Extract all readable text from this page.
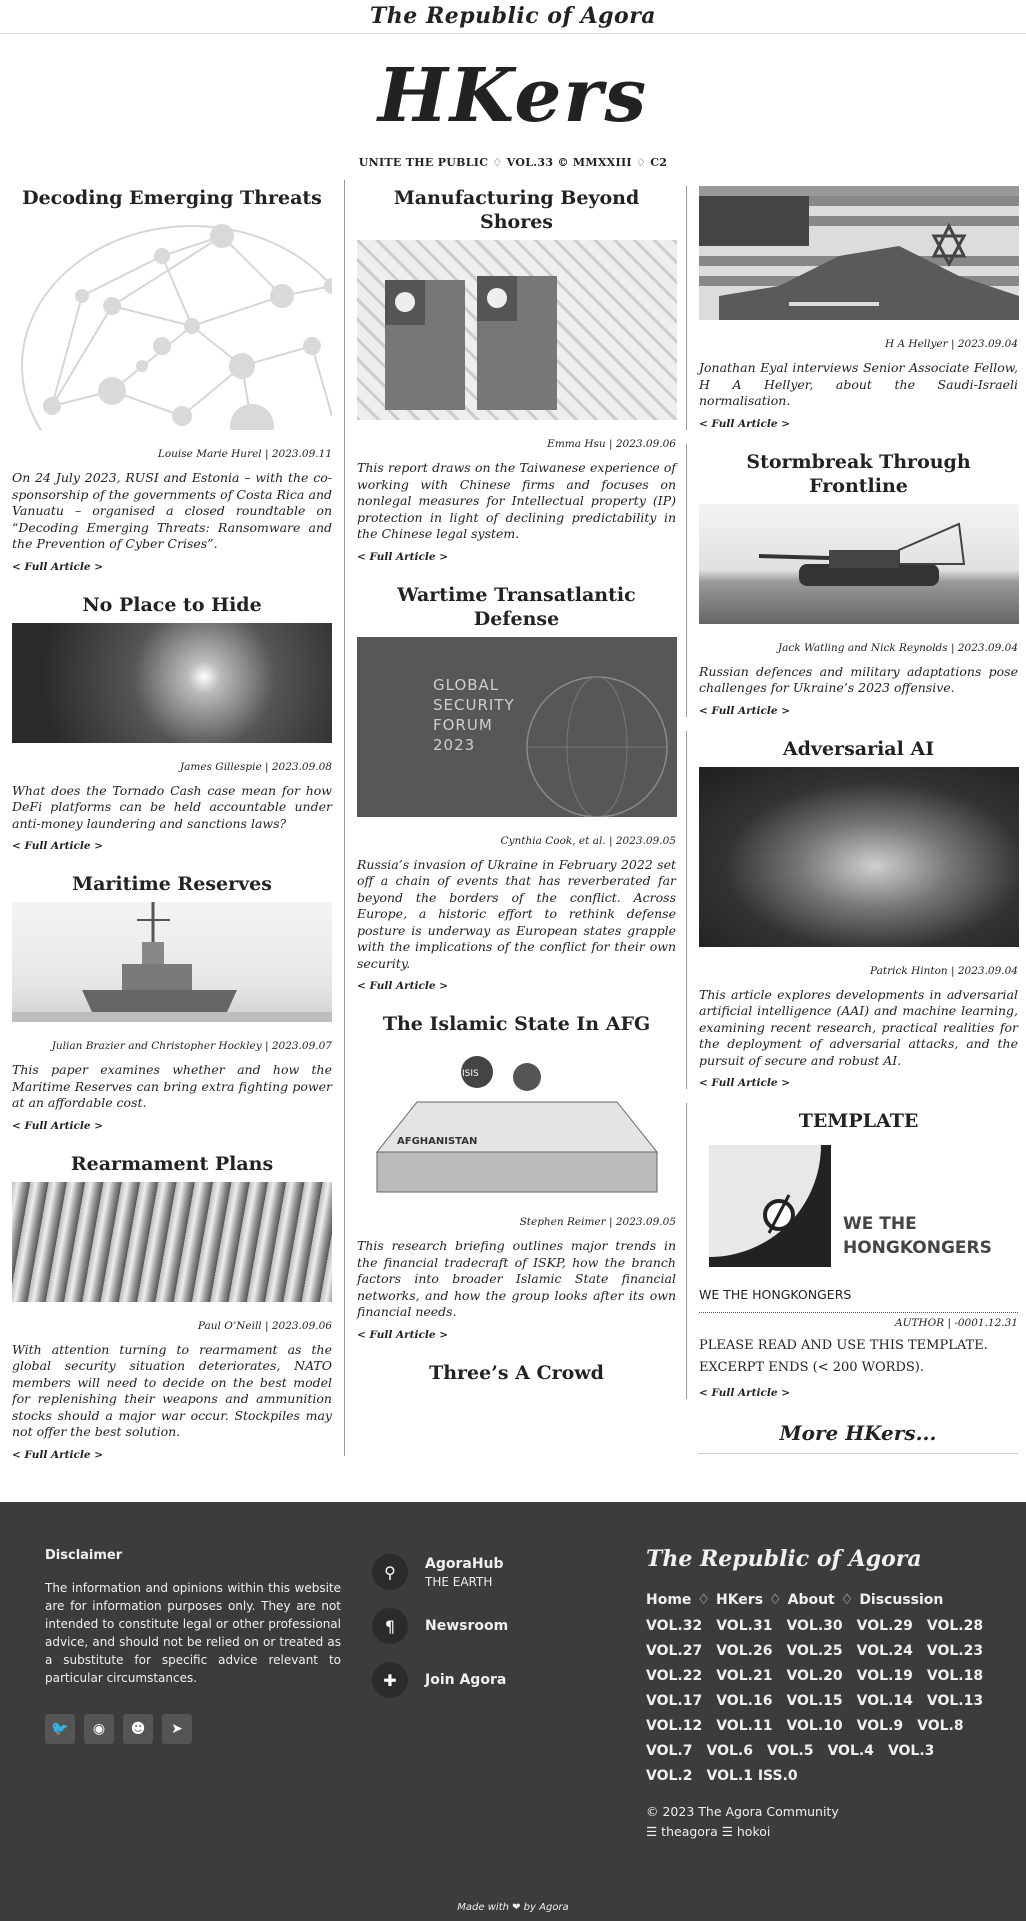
The Republic of Agora
HKers
UNITE THE PUBLIC ♢ VOL.33 © MMXXIII ♢ C2
Decoding Emerging Threats
Louise Marie Hurel | 2023.09.11
On 24 July 2023, RUSI and Estonia – with the co-sponsorship of the governments of Costa Rica and Vanuatu – organised a closed roundtable on “Decoding Emerging Threats: Ransomware and the Prevention of Cyber Crises”.
< Full Article >
No Place to Hide
James Gillespie | 2023.09.08
What does the Tornado Cash case mean for how DeFi platforms can be held accountable under anti-money laundering and sanctions laws?
< Full Article >
Maritime Reserves
Julian Brazier and Christopher Hockley | 2023.09.07
This paper examines whether and how the Maritime Reserves can bring extra fighting power at an affordable cost.
< Full Article >
Rearmament Plans
Paul O’Neill | 2023.09.06
With attention turning to rearmament as the global security situation deteriorates, NATO members will need to decide on the best model for replenishing their weapons and ammunition stocks should a major war occur. Stockpiles may not offer the best solution.
< Full Article >
Manufacturing Beyond Shores
Emma Hsu | 2023.09.06
This report draws on the Taiwanese experience of working with Chinese firms and focuses on nonlegal measures for Intellectual property (IP) protection in light of declining predictability in the Chinese legal system.
< Full Article >
Wartime Transatlantic Defense
GLOBAL
SECURITY
FORUM
2023
Cynthia Cook, et al. | 2023.09.05
Russia’s invasion of Ukraine in February 2022 set off a chain of events that has reverberated far beyond the borders of the conflict. Across Europe, a historic effort to rethink defense posture is underway as European states grapple with the implications of the conflict for their own security.
< Full Article >
The Islamic State In AFG
ISIS
AFGHANISTAN
Stephen Reimer | 2023.09.05
This research briefing outlines major trends in the financial tradecraft of ISKP, how the branch factors into broader Islamic State financial networks, and how the group looks after its own financial needs.
< Full Article >
Three’s A Crowd
H A Hellyer | 2023.09.04
Jonathan Eyal interviews Senior Associate Fellow, H A Hellyer, about the Saudi-Israeli normalisation.
< Full Article >
Stormbreak Through Frontline
Jack Watling and Nick Reynolds | 2023.09.04
Russian defences and military adaptations pose challenges for Ukraine’s 2023 offensive.
< Full Article >
Adversarial AI
Patrick Hinton | 2023.09.04
This article explores developments in adversarial artificial intelligence (AAI) and machine learning, examining recent research, practical realities for the deployment of adversarial attacks, and the pursuit of secure and robust AI.
< Full Article >
TEMPLATE
WE THE
HONGKONGERS
WE THE HONGKONGERS
AUTHOR | -0001.12.31
PLEASE READ AND USE THIS TEMPLATE.
EXCERPT ENDS (< 200 WORDS).
< Full Article >
More HKers...
Disclaimer

The information and opinions within this website are for information purposes only. They are not intended to constitute legal or other professional advice, and should not be relied on or treated as a substitute for specific advice relevant to particular circumstances.

🐦	◉	☻	➤
⚲	AgoraHub
THE EARTH
¶	Newsroom
✚	Join Agora
The Republic of Agora
Home ♢ HKers ♢ About ♢ Discussion
VOL.32 VOL.31 VOL.30 VOL.29 VOL.28
VOL.27 VOL.26 VOL.25 VOL.24 VOL.23
VOL.22 VOL.21 VOL.20 VOL.19 VOL.18
VOL.17 VOL.16 VOL.15 VOL.14 VOL.13
VOL.12 VOL.11 VOL.10 VOL.9 VOL.8
VOL.7 VOL.6 VOL.5 VOL.4 VOL.3
VOL.2 VOL.1 ISS.0
© 2023 The Agora Community
☰ theagora ☰ hokoi
Made with ❤ by Agora
